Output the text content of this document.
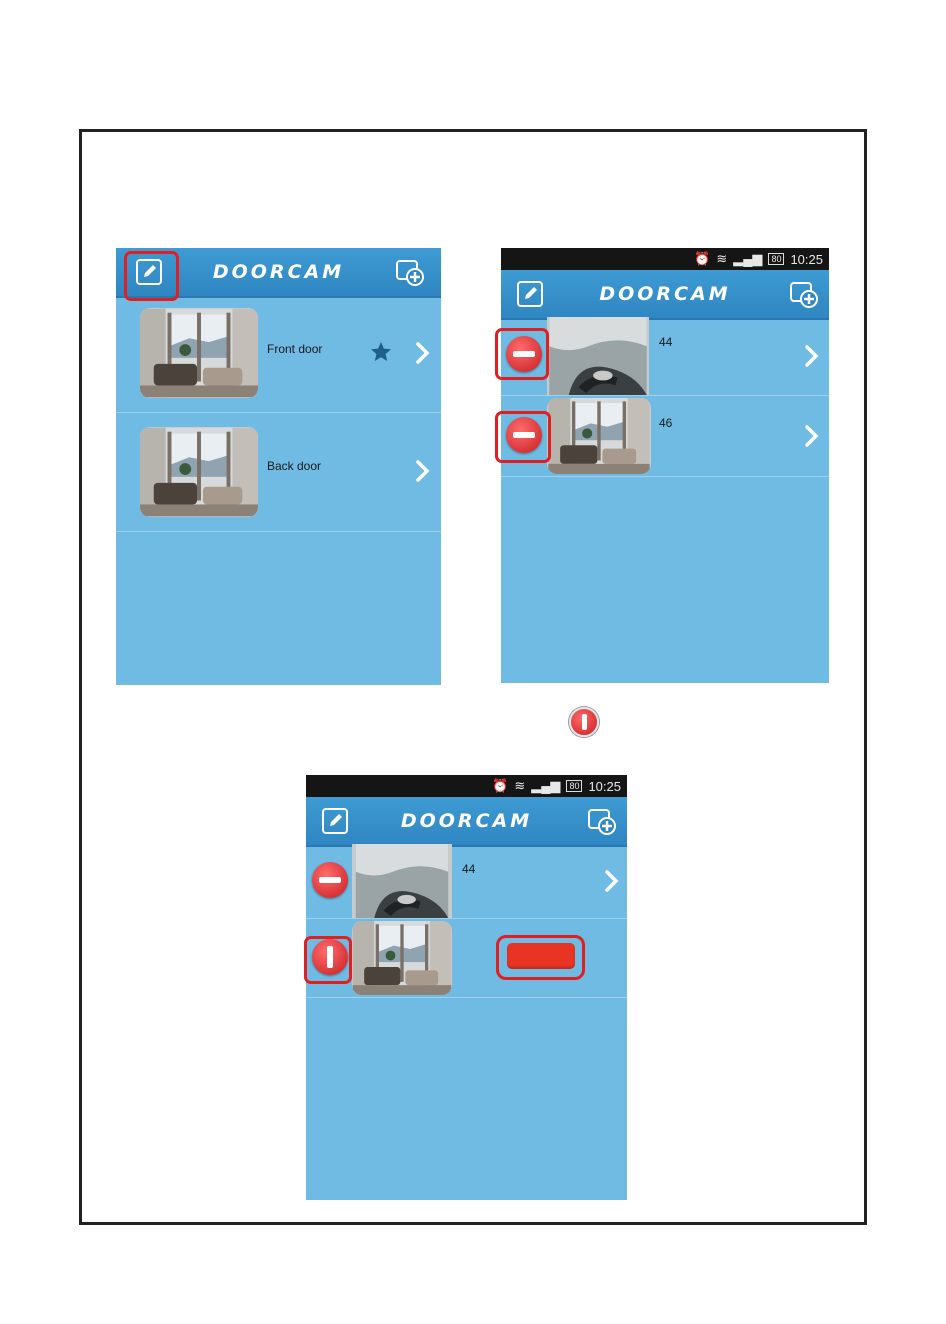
DOORCAM
Front door
Back door
⏰ ≋ ▂▄▆	80 10:25
DOORCAM
44
46
⏰ ≋ ▂▄▆	80 10:25
DOORCAM
44
